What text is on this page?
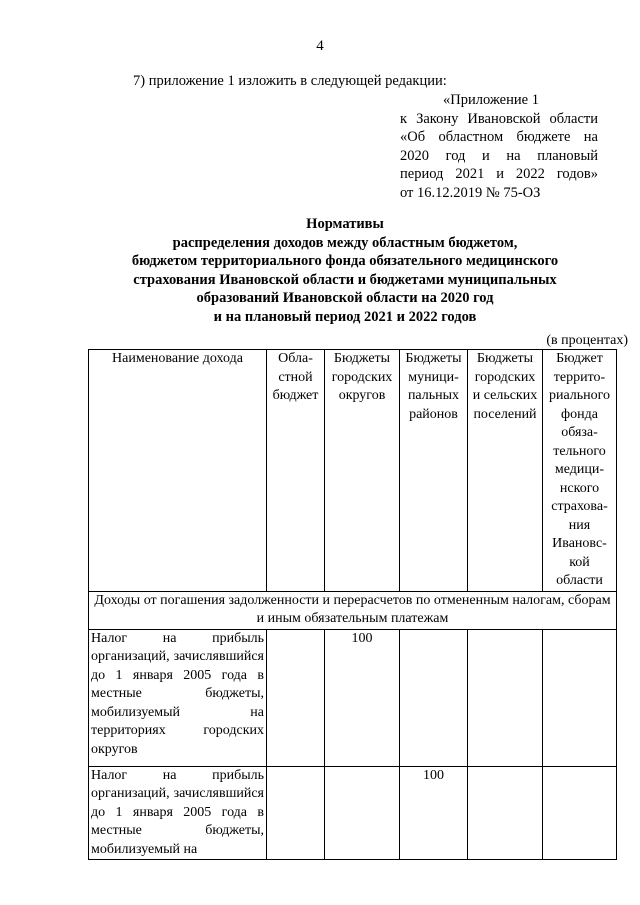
4
7) приложение 1 изложить в следующей редакции:
«Приложение 1
к Закону Ивановской области
«Об областном бюджете на
2020 год и на плановый
период 2021 и 2022 годов»
от 16.12.2019 № 75-ОЗ
Нормативы
распределения доходов между областным бюджетом,
бюджетом территориального фонда обязательного медицинского
страхования Ивановской области и бюджетами муниципальных
образований Ивановской области на 2020 год
и на плановый период 2021 и 2022 годов
(в процентах)
Наименование дохода	Обла-стной бюджет	Бюджеты городских округов	Бюджеты муници-пальных районов	Бюджеты городских и сельских поселений	Бюджет террито-риального фонда обяза-тельного медици-нского страхова-ния Ивановс-кой области
Доходы от погашения задолженности и перерасчетов по отмененным налогам, сборам и иным обязательным платежам					
Налог на прибыль организаций, зачислявшийся до 1 января 2005 года в местные бюджеты, мобилизуемый на территориях городских округов		100			
Налог на прибыль организаций, зачислявшийся до 1 января 2005 года в местные бюджеты, мобилизуемый на			100		
